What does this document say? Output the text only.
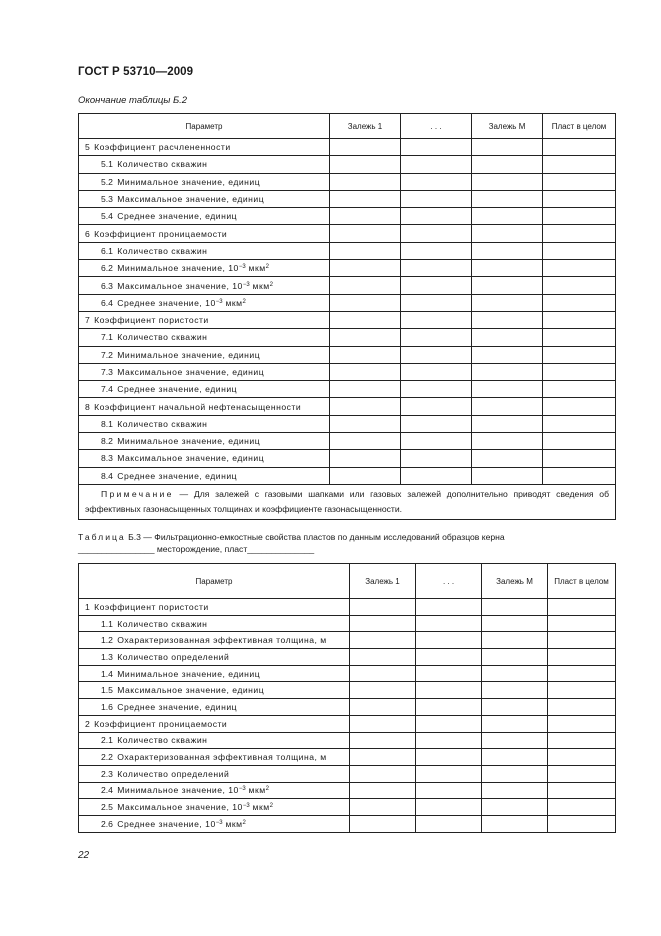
ГОСТ Р 53710—2009
Окончание таблицы Б.2
Параметр	Залежь 1	. . .	Залежь М	Пласт в целом
5  Коэффициент расчлененности				
5.1  Количество скважин				
5.2  Минимальное значение, единиц				
5.3  Максимальное значение, единиц				
5.4  Среднее значение, единиц				
6  Коэффициент проницаемости				
6.1  Количество скважин				
6.2  Минимальное значение, $10^{-3}$ мкм$^2$				
6.3  Максимальное значение, $10^{-3}$ мкм$^2$				
6.4  Среднее значение, $10^{-3}$ мкм$^2$				
7  Коэффициент пористости				
7.1  Количество скважин				
7.2  Минимальное значение, единиц				
7.3  Максимальное значение, единиц				
7.4  Среднее значение, единиц				
8  Коэффициент начальной нефтенасыщенности				
8.1  Количество скважин				
8.2  Минимальное значение, единиц				
8.3  Максимальное значение, единиц				
8.4  Среднее значение, единиц				
Примечание — Для залежей с газовыми шапками или газовых залежей дополнительно приводят сведения об эффективных газонасыщенных толщинах и коэффициенте газонасыщенности.				
Таблица Б.3 — Фильтрационно-емкостные свойства пластов по данным исследований образцов керна
________________ месторождение, пласт______________
Параметр	Залежь 1	. . .	Залежь М	Пласт в целом
1  Коэффициент пористости				
1.1  Количество скважин				
1.2  Охарактеризованная эффективная толщина, м				
1.3  Количество определений				
1.4  Минимальное значение, единиц				
1.5  Максимальное значение, единиц				
1.6  Среднее значение, единиц				
2  Коэффициент проницаемости				
2.1  Количество скважин				
2.2  Охарактеризованная эффективная толщина, м				
2.3  Количество определений				
2.4  Минимальное значение, $10^{-3}$ мкм$^2$				
2.5  Максимальное значение, $10^{-3}$ мкм$^2$				
2.6  Среднее значение, $10^{-3}$ мкм$^2$				
22
